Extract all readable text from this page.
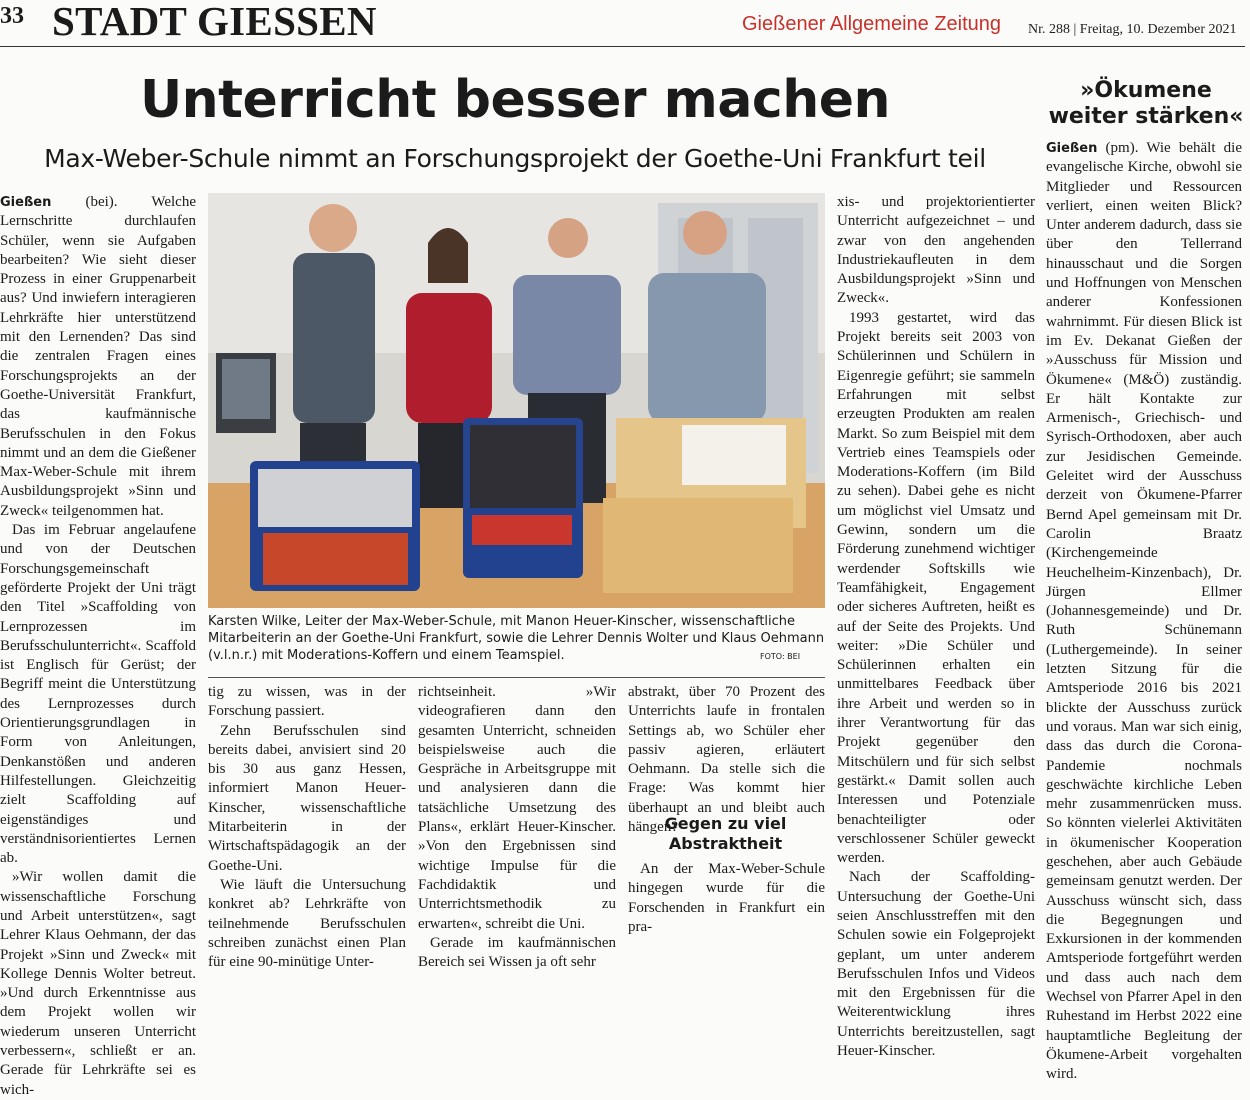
33 STADT GIESSEN	Gießener Allgemeine Zeitung Nr. 288 | Freitag, 10. Dezember 2021
Unterricht besser machen
Max-Weber-Schule nimmt an Forschungsprojekt der Goethe-Uni Frankfurt teil

Gießen (bei). Welche Lernschritte durchlaufen Schüler, wenn sie Aufgaben bearbeiten? Wie sieht dieser Prozess in einer Gruppenarbeit aus? Und inwiefern interagieren Lehrkräfte hier unterstützend mit den Lernenden? Das sind die zentralen Fragen eines Forschungsprojekts an der Goethe-Universität Frankfurt, das kaufmännische Berufsschulen in den Fokus nimmt und an dem die Gießener Max-Weber-Schule mit ihrem Ausbildungsprojekt »Sinn und Zweck« teilgenommen hat.

Das im Februar angelaufene und von der Deutschen Forschungsgemeinschaft geförderte Projekt der Uni trägt den Titel »Scaffolding von Lernprozessen im Berufsschulunterricht«. Scaffold ist Englisch für Gerüst; der Begriff meint die Unterstützung des Lernprozesses durch Orientierungsgrundlagen in Form von Anleitungen, Denkanstößen und anderen Hilfestellungen. Gleichzeitig zielt Scaffolding auf eigenständiges und verständnisorientiertes Lernen ab.

»Wir wollen damit die wissenschaftliche Forschung und Arbeit unterstützen«, sagt Lehrer Klaus Oehmann, der das Projekt »Sinn und Zweck« mit Kollege Dennis Wolter betreut. »Und durch Erkenntnisse aus dem Projekt wollen wir wiederum unseren Unterricht verbessern«, schließt er an. Gerade für Lehrkräfte sei es wich-

Karsten Wilke, Leiter der Max-Weber-Schule, mit Manon Heuer-Kinscher, wissenschaftliche Mitarbeiterin an der Goethe-Uni Frankfurt, sowie die Lehrer Dennis Wolter und Klaus Oehmann (v.l.n.r.) mit Moderations-Koffern und einem Teamspiel.	FOTO: BEI

tig zu wissen, was in der Forschung passiert.

Zehn Berufsschulen sind bereits dabei, anvisiert sind 20 bis 30 aus ganz Hessen, informiert Manon Heuer-Kinscher, wissenschaftliche Mitarbeiterin in der Wirtschaftspädagogik an der Goethe-Uni.

Wie läuft die Untersuchung konkret ab? Lehrkräfte von teilnehmende Berufsschulen schreiben zunächst einen Plan für eine 90-minütige Unter-

richtseinheit. »Wir videografieren dann den gesamten Unterricht, schneiden beispielsweise auch die Gespräche in Arbeitsgruppe mit und analysieren dann die tatsächliche Umsetzung des Plans«, erklärt Heuer-Kinscher. »Von den Ergebnissen sind wichtige Impulse für die Fachdidaktik und Unterrichtsmethodik zu erwarten«, schreibt die Uni.

Gerade im kaufmännischen Bereich sei Wissen ja oft sehr

abstrakt, über 70 Prozent des Unterrichts laufe in frontalen Settings ab, wo Schüler eher passiv agieren, erläutert Oehmann. Da stelle sich die Frage: Was kommt hier überhaupt an und bleibt auch hängen?

Gegen zu viel
Abstraktheit

An der Max-Weber-Schule hingegen wurde für die Forschenden in Frankfurt ein pra-

xis- und projektorientierter Unterricht aufgezeichnet – und zwar von den angehenden Industriekaufleuten in dem Ausbildungsprojekt »Sinn und Zweck«.

1993 gestartet, wird das Projekt bereits seit 2003 von Schülerinnen und Schülern in Eigenregie geführt; sie sammeln Erfahrungen mit selbst erzeugten Produkten am realen Markt. So zum Beispiel mit dem Vertrieb eines Teamspiels oder Moderations-Koffern (im Bild zu sehen). Dabei gehe es nicht um möglichst viel Umsatz und Gewinn, sondern um die Förderung zunehmend wichtiger werdender Softskills wie Teamfähigkeit, Engagement oder sicheres Auftreten, heißt es auf der Seite des Projekts. Und weiter: »Die Schüler und Schülerinnen erhalten ein unmittelbares Feedback über ihre Arbeit und werden so in ihrer Verantwortung für das Projekt gegenüber den Mitschülern und für sich selbst gestärkt.« Damit sollen auch Interessen und Potenziale benachteiligter oder verschlossener Schüler geweckt werden.

Nach der Scaffolding-Untersuchung der Goethe-Uni seien Anschlusstreffen mit den Schulen sowie ein Folgeprojekt geplant, um unter anderem Berufsschulen Infos und Videos mit den Ergebnissen für die Weiterentwicklung ihres Unterrichts bereitzustellen, sagt Heuer-Kinscher.

»Ökumene
weiter stärken«

Gießen (pm). Wie behält die evangelische Kirche, obwohl sie Mitglieder und Ressourcen verliert, einen weiten Blick? Unter anderem dadurch, dass sie über den Tellerrand hinausschaut und die Sorgen und Hoffnungen von Menschen anderer Konfessionen wahrnimmt. Für diesen Blick ist im Ev. Dekanat Gießen der »Ausschuss für Mission und Ökumene« (M&Ö) zuständig. Er hält Kontakte zur Armenisch-, Griechisch- und Syrisch-Orthodoxen, aber auch zur Jesidischen Gemeinde. Geleitet wird der Ausschuss derzeit von Ökumene-Pfarrer Bernd Apel gemeinsam mit Dr. Carolin Braatz (Kirchengemeinde Heuchelheim-Kinzenbach), Dr. Jürgen Ellmer (Johannesgemeinde) und Dr. Ruth Schünemann (Luthergemeinde). In seiner letzten Sitzung für die Amtsperiode 2016 bis 2021 blickte der Ausschuss zurück und voraus. Man war sich einig, dass das durch die Corona-Pandemie nochmals geschwächte kirchliche Leben mehr zusammenrücken muss. So könnten vielerlei Aktivitäten in ökumenischer Kooperation geschehen, aber auch Gebäude gemeinsam genutzt werden. Der Ausschuss wünscht sich, dass die Begegnungen und Exkursionen in der kommenden Amtsperiode fortgeführt werden und dass auch nach dem Wechsel von Pfarrer Apel in den Ruhestand im Herbst 2022 eine hauptamtliche Begleitung der Ökumene-Arbeit vorgehalten wird.
